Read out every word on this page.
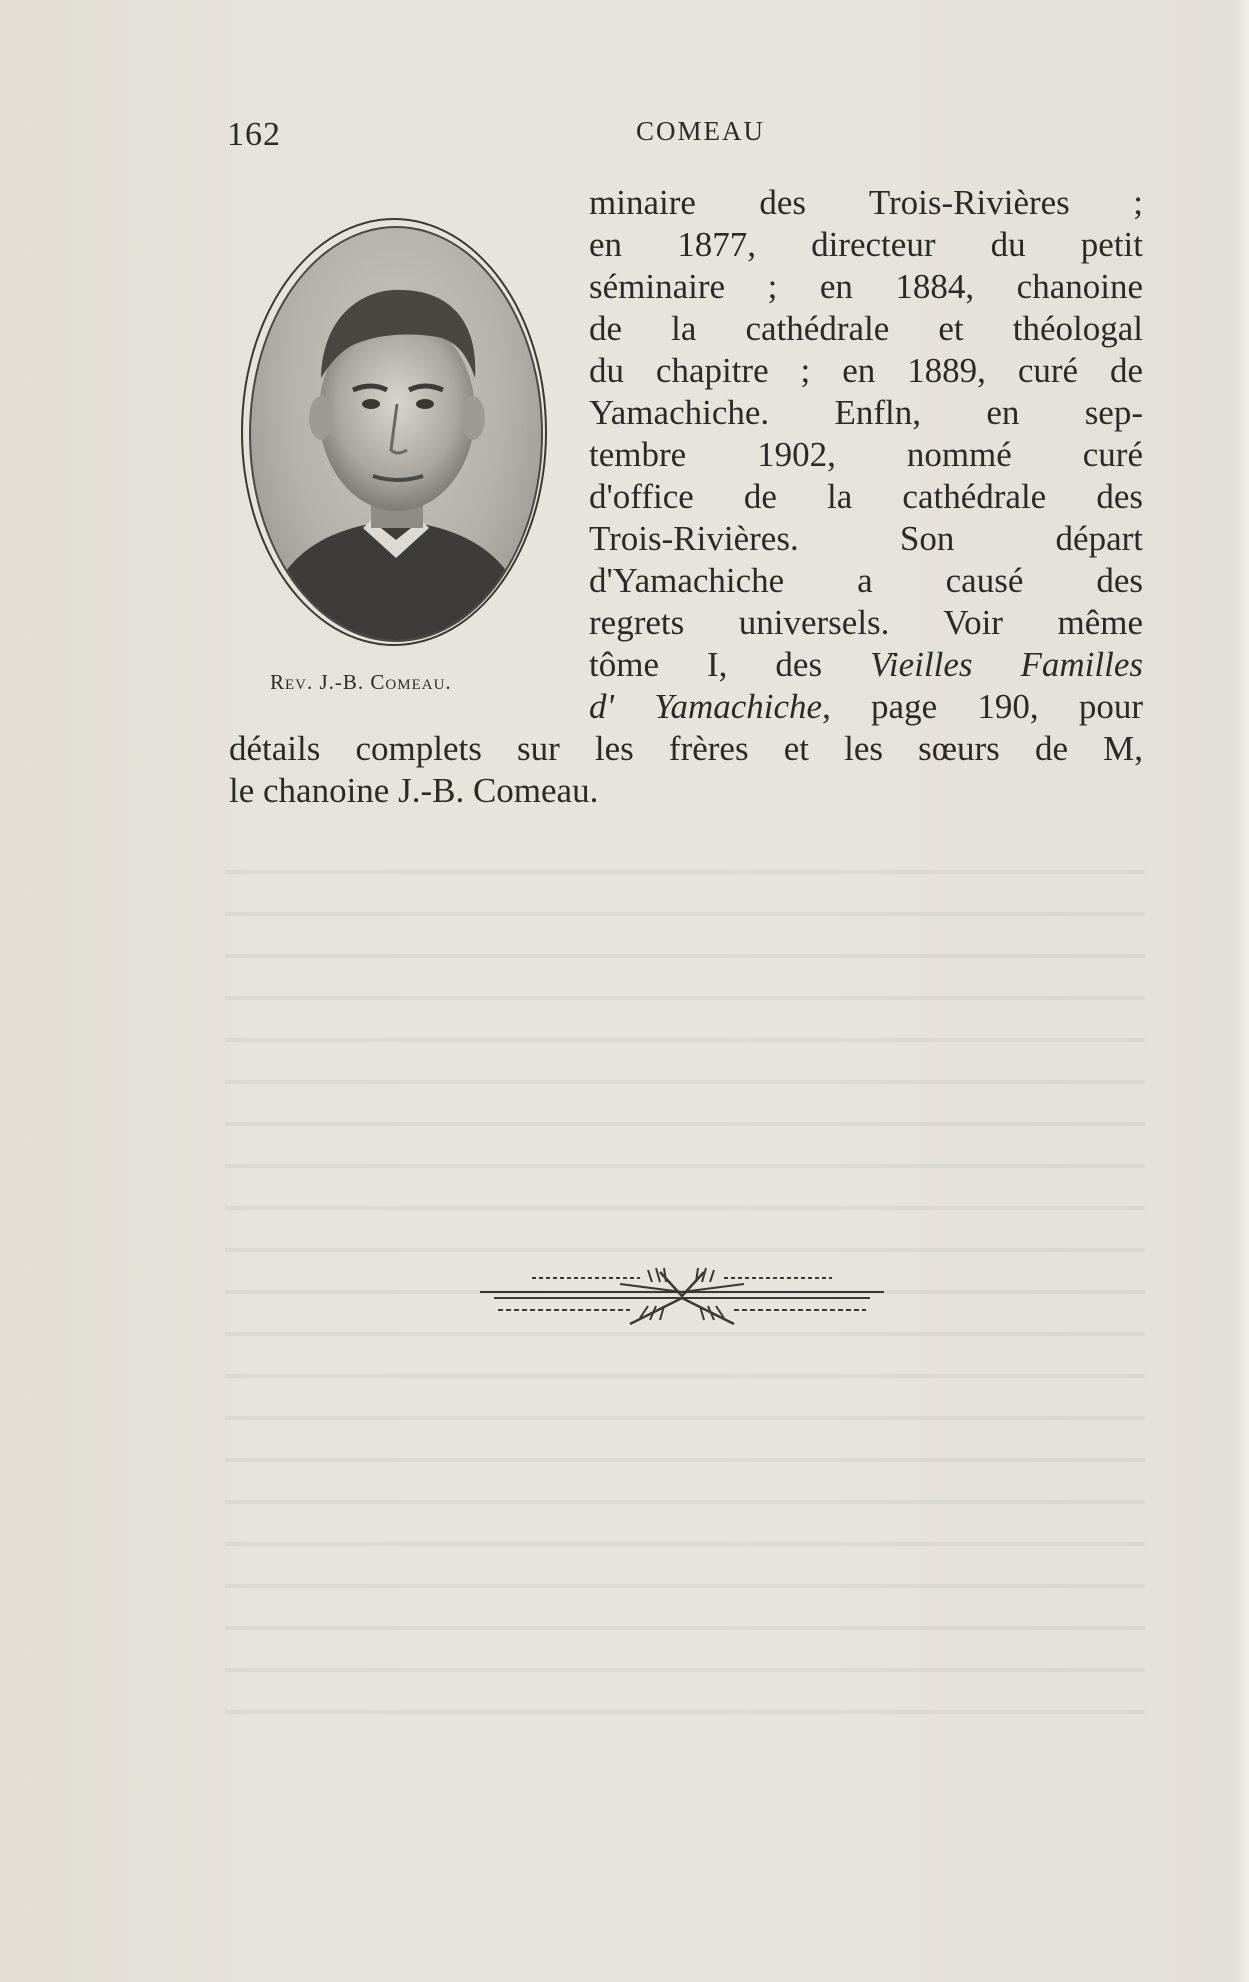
162	COMEAU
Rev. J.-B. Comeau.
minaire des Trois-Rivières ;
en 1877, directeur du petit
séminaire ; en 1884, chanoine
de la cathédrale et théologal
du chapitre ; en 1889, curé de
Yamachiche. Enfln, en sep-
tembre 1902, nommé curé
d'office de la cathédrale des
Trois-Rivières. Son départ
d'Yamachiche a causé des
regrets universels. Voir même
tôme I, des Vieilles Familles
d' Yamachiche, page 190, pour
détails complets sur les frères et les sœurs de M,
le chanoine J.-B. Comeau.
